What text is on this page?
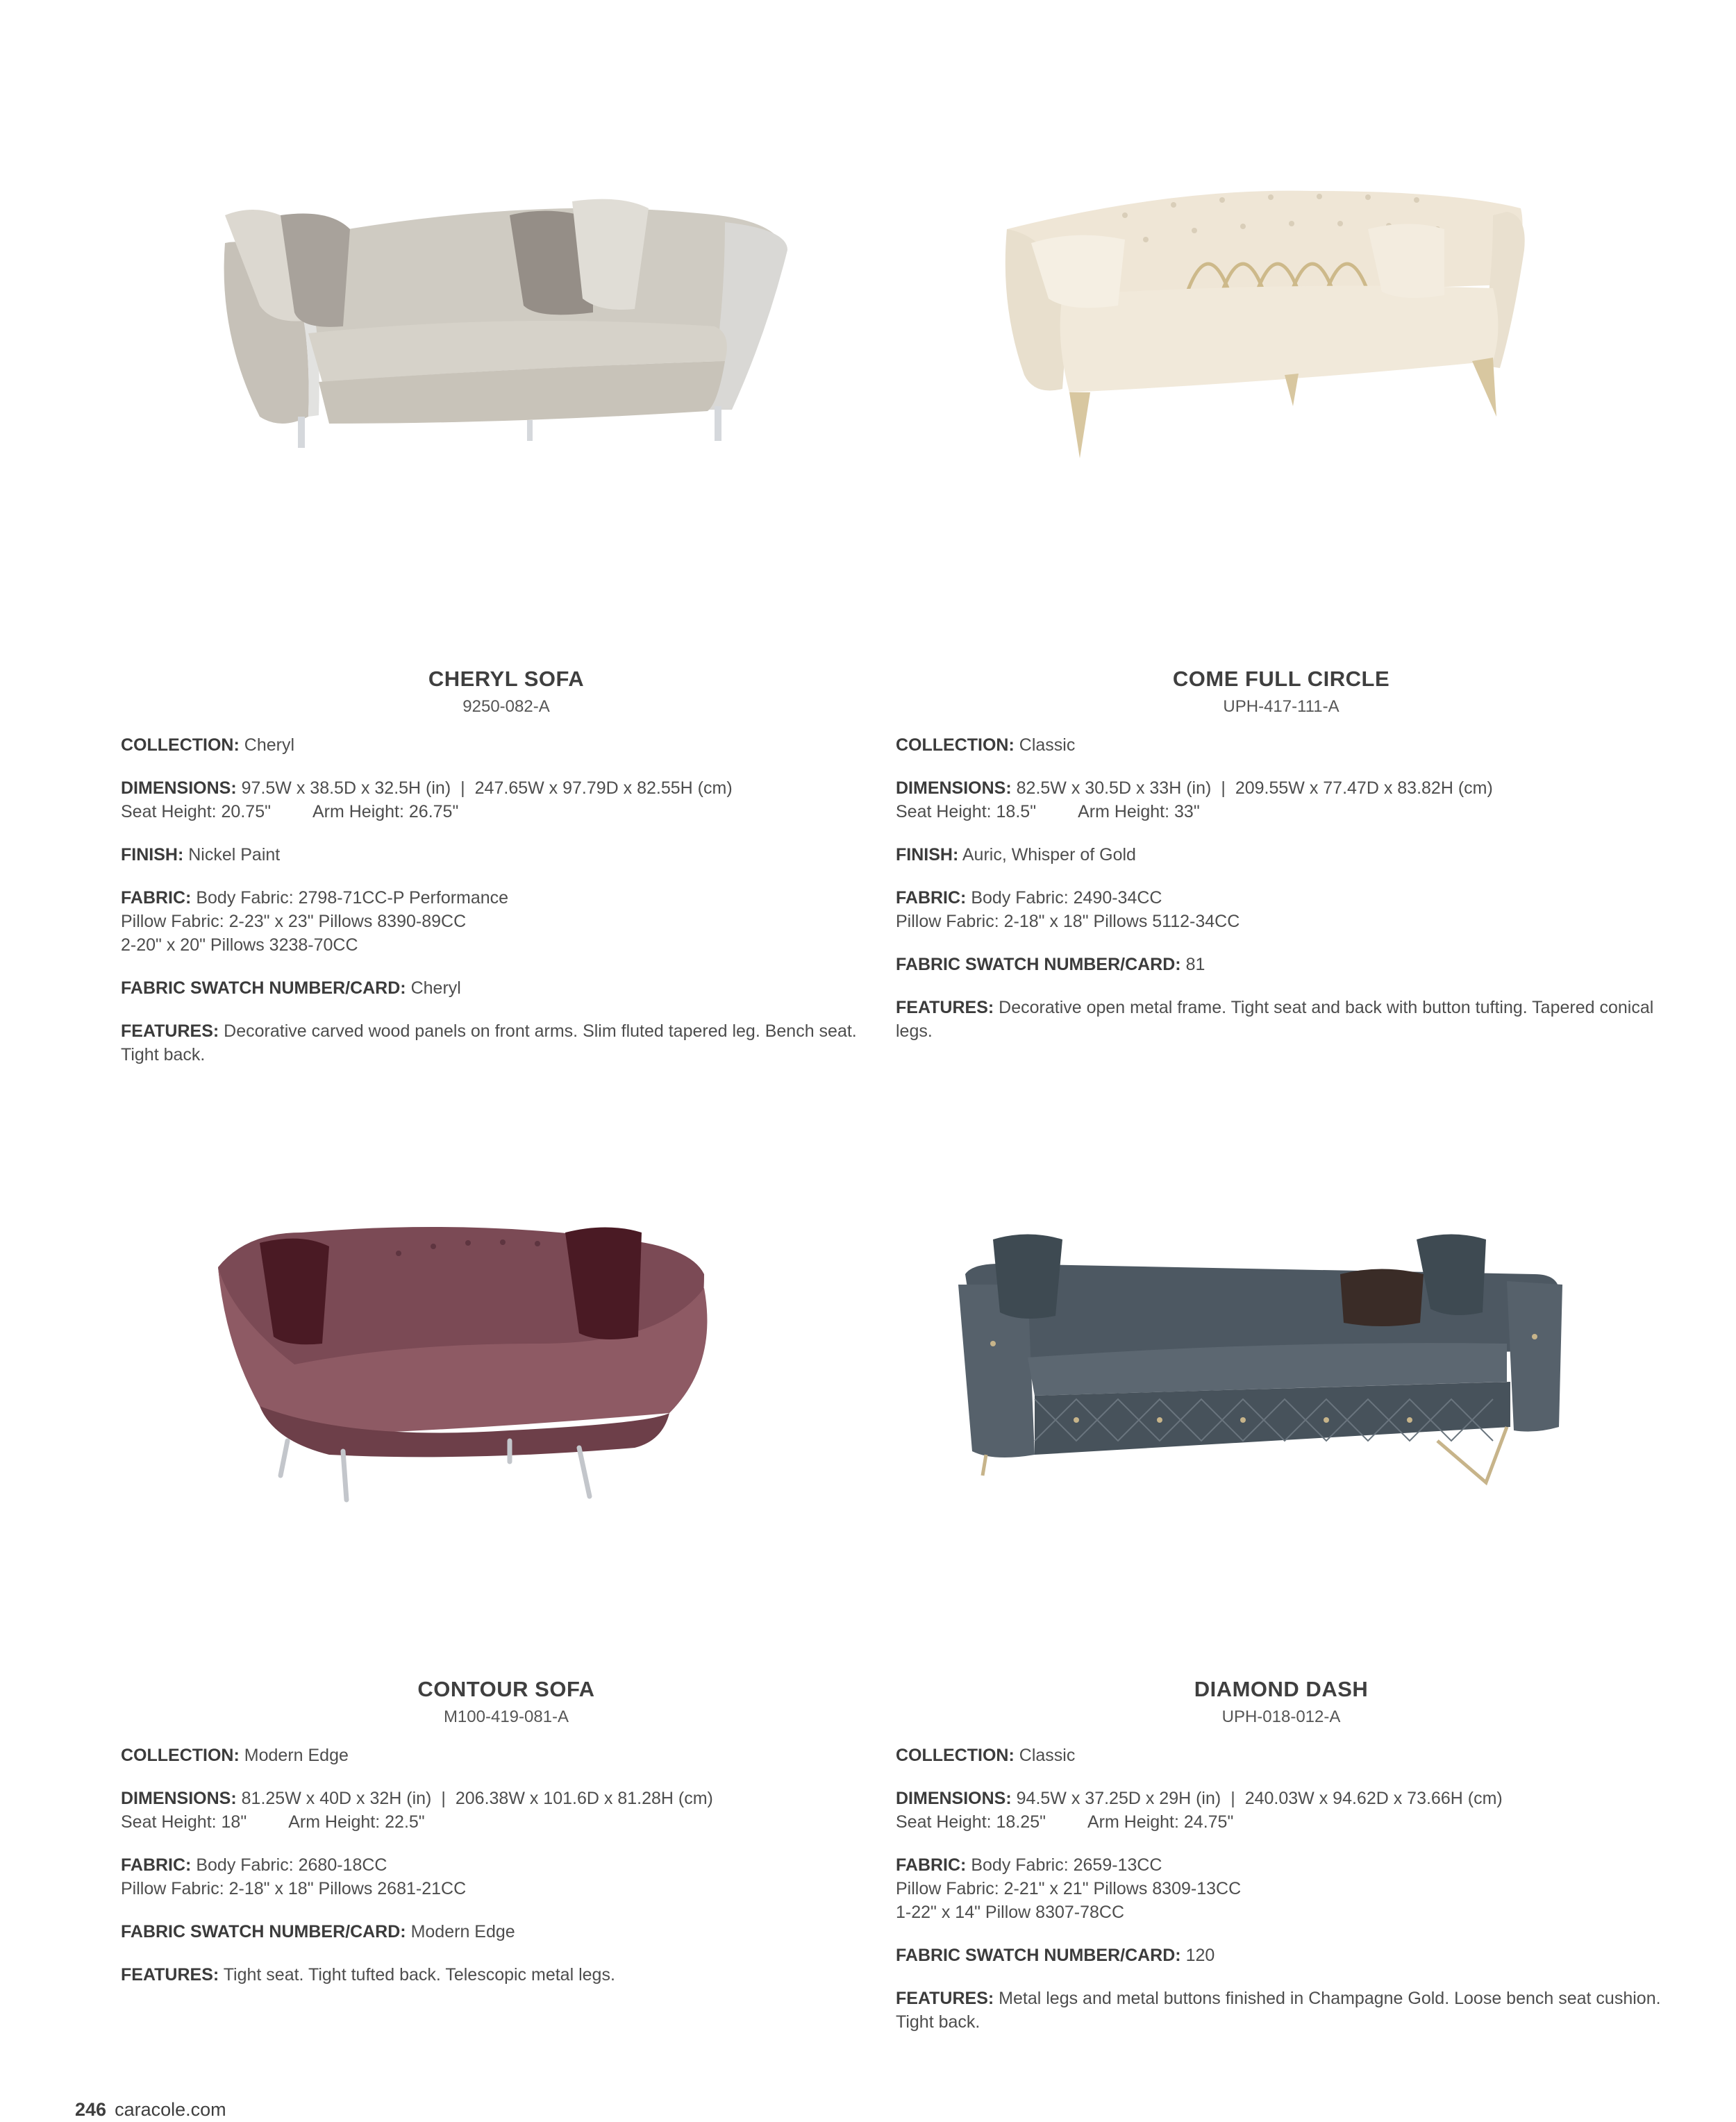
CHERYL SOFA
9250-082-A
COLLECTION: Cheryl
DIMENSIONS: 97.5W x 38.5D x 32.5H (in) | 247.65W x 97.79D x 82.55H (cm)
Seat Height: 20.75" Arm Height: 26.75"
FINISH: Nickel Paint
FABRIC: Body Fabric: 2798-71CC-P Performance
Pillow Fabric: 2-23" x 23" Pillows 8390-89CC
2-20" x 20" Pillows 3238-70CC
FABRIC SWATCH NUMBER/CARD: Cheryl
FEATURES: Decorative carved wood panels on front arms. Slim fluted tapered leg. Bench seat. Tight back.
COME FULL CIRCLE
UPH-417-111-A
COLLECTION: Classic
DIMENSIONS: 82.5W x 30.5D x 33H (in) | 209.55W x 77.47D x 83.82H (cm)
Seat Height: 18.5" Arm Height: 33"
FINISH: Auric, Whisper of Gold
FABRIC: Body Fabric: 2490-34CC
Pillow Fabric: 2-18" x 18" Pillows 5112-34CC
FABRIC SWATCH NUMBER/CARD: 81
FEATURES: Decorative open metal frame. Tight seat and back with button tufting. Tapered conical legs.
CONTOUR SOFA
M100-419-081-A
COLLECTION: Modern Edge
DIMENSIONS: 81.25W x 40D x 32H (in) | 206.38W x 101.6D x 81.28H (cm)
Seat Height: 18" Arm Height: 22.5"
FABRIC: Body Fabric: 2680-18CC
Pillow Fabric: 2-18" x 18" Pillows 2681-21CC
FABRIC SWATCH NUMBER/CARD: Modern Edge
FEATURES: Tight seat. Tight tufted back. Telescopic metal legs.
DIAMOND DASH
UPH-018-012-A
COLLECTION: Classic
DIMENSIONS: 94.5W x 37.25D x 29H (in) | 240.03W x 94.62D x 73.66H (cm)
Seat Height: 18.25" Arm Height: 24.75"
FABRIC: Body Fabric: 2659-13CC
Pillow Fabric: 2-21" x 21" Pillows 8309-13CC
1-22" x 14" Pillow 8307-78CC
FABRIC SWATCH NUMBER/CARD: 120
FEATURES: Metal legs and metal buttons finished in Champagne Gold. Loose bench seat cushion. Tight back.
246 caracole.com
